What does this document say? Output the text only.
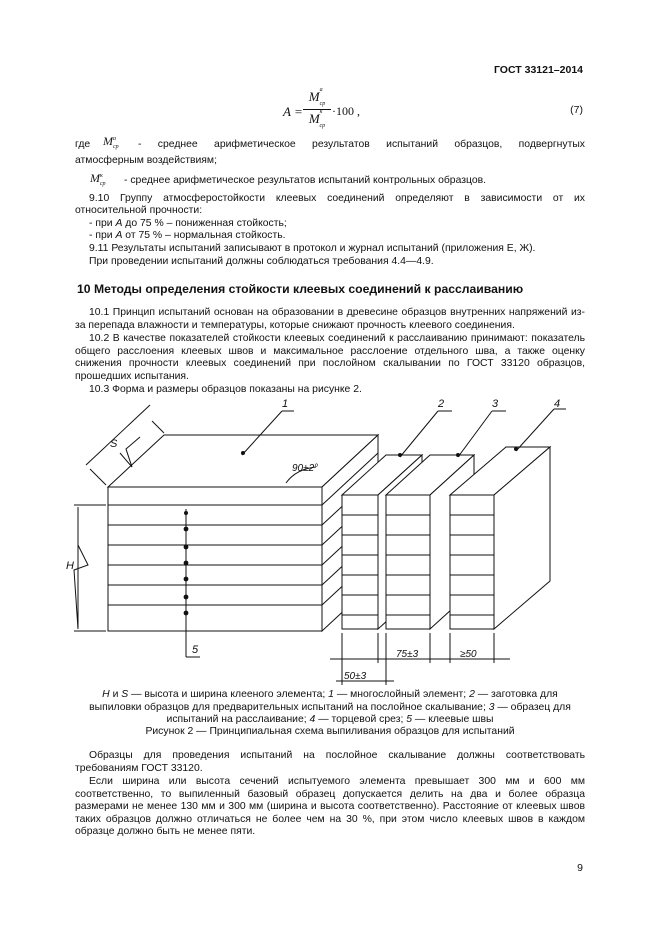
ГОСТ 33121–2014
A =
$M^а_{ср}$
$M^к_{ср}$
·100 ,	(7)
где $M^а_{ср}$ - среднее арифметическое результатов испытаний образцов, подвергнутых
атмосферным воздействиям;
$M^к_{ср}$ - среднее арифметическое результатов испытаний контрольных образцов.
9.10 Группу атмосферостойкости клеевых соединений определяют в зависимости от их
относительной прочности:
- при А до 75 % – пониженная стойкость;
- при А от 75 % – нормальная стойкость.
9.11 Результаты испытаний записывают в протокол и журнал испытаний (приложения Е, Ж).
При проведении испытаний должны соблюдаться требования 4.4—4.9.
10 Методы определения стойкости клеевых соединений к расслаиванию

10.1 Принцип испытаний основан на образовании в древесине образцов внутренних напряжений из-за перепада влажности и температуры, которые снижают прочность клеевого соединения.

10.2 В качестве показателей стойкости клеевых соединений к расслаиванию принимают: показатель общего расслоения клеевых швов и максимальное расслоение отдельного шва, а также оценку снижения прочности клеевых соединений при послойном скалывании по ГОСТ 33120 образцов, прошедших испытания.

10.3 Форма и размеры образцов показаны на рисунке 2.

1	2	3	4
5
S
H
90±2°
75±3	≥50
50±3
H и S — высота и ширина клееного элемента; 1 — многослойный элемент; 2 — заготовка для выпиловки образцов для предварительных испытаний на послойное скалывание; 3 — образец для испытаний на расслаивание; 4 — торцевой срез; 5 — клеевые швы
Рисунок 2 — Принципиальная схема выпиливания образцов для испытаний

Образцы для проведения испытаний на послойное скалывание должны соответствовать требованиям ГОСТ 33120.

Если ширина или высота сечений испытуемого элемента превышает 300 мм и 600 мм соответственно, то выпиленный базовый образец допускается делить на два и более образца размерами не менее 130 мм и 300 мм (ширина и высота соответственно). Расстояние от клеевых швов таких образцов должно отличаться не более чем на 30 %, при этом число клеевых швов в каждом образце должно быть не менее пяти.

9
